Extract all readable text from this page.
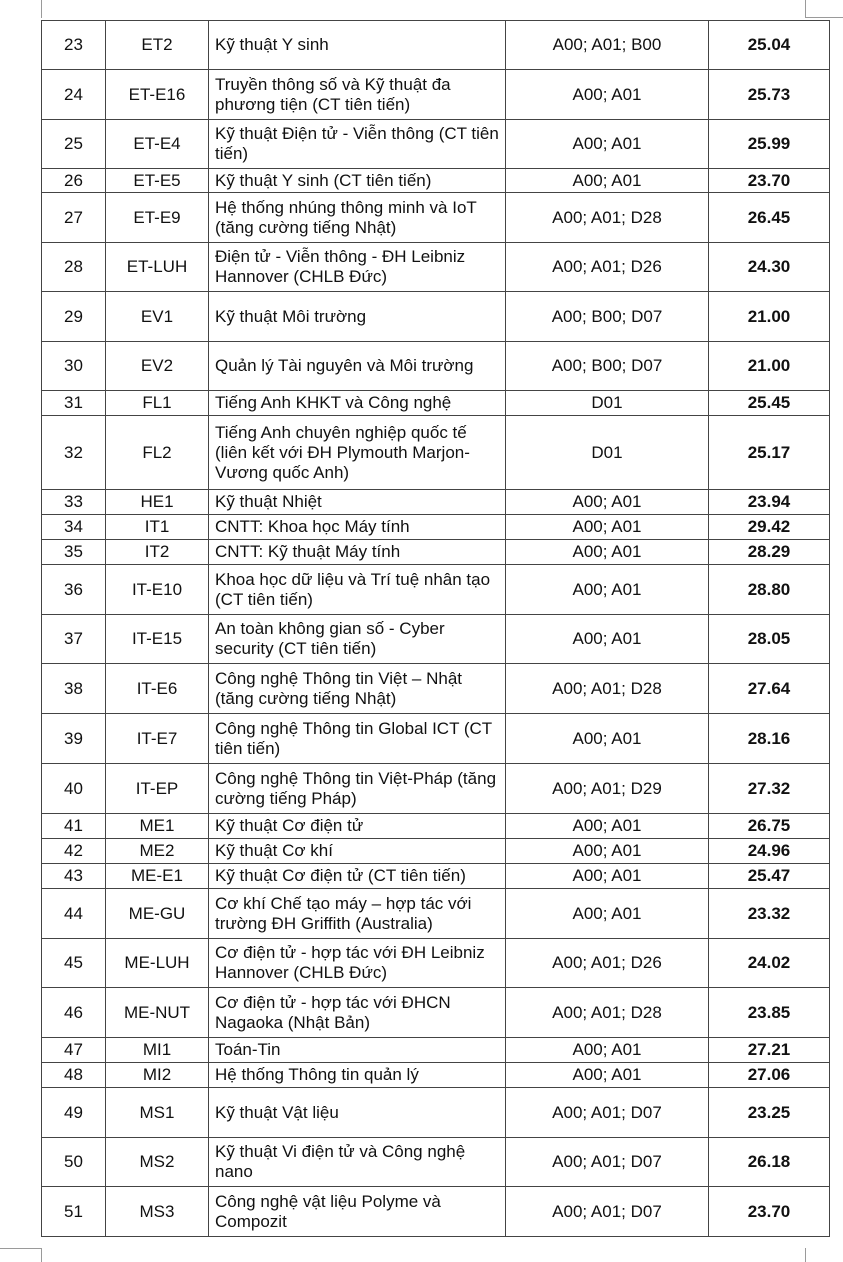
23	ET2	Kỹ thuật Y sinh	A00; A01; B00	25.04
24	ET-E16	Truyền thông số và Kỹ thuật đa phương tiện (CT tiên tiến)	A00; A01	25.73
25	ET-E4	Kỹ thuật Điện tử - Viễn thông (CT tiên tiến)	A00; A01	25.99
26	ET-E5	Kỹ thuật Y sinh (CT tiên tiến)	A00; A01	23.70
27	ET-E9	Hệ thống nhúng thông minh và IoT (tăng cường tiếng Nhật)	A00; A01; D28	26.45
28	ET-LUH	Điện tử - Viễn thông - ĐH Leibniz Hannover (CHLB Đức)	A00; A01; D26	24.30
29	EV1	Kỹ thuật Môi trường	A00; B00; D07	21.00
30	EV2	Quản lý Tài nguyên và Môi trường	A00; B00; D07	21.00
31	FL1	Tiếng Anh KHKT và Công nghệ	D01	25.45
32	FL2	Tiếng Anh chuyên nghiệp quốc tế (liên kết với ĐH Plymouth Marjon-Vương quốc Anh)	D01	25.17
33	HE1	Kỹ thuật Nhiệt	A00; A01	23.94
34	IT1	CNTT: Khoa học Máy tính	A00; A01	29.42
35	IT2	CNTT: Kỹ thuật Máy tính	A00; A01	28.29
36	IT-E10	Khoa học dữ liệu và Trí tuệ nhân tạo (CT tiên tiến)	A00; A01	28.80
37	IT-E15	An toàn không gian số - Cyber security (CT tiên tiến)	A00; A01	28.05
38	IT-E6	Công nghệ Thông tin Việt – Nhật (tăng cường tiếng Nhật)	A00; A01; D28	27.64
39	IT-E7	Công nghệ Thông tin Global ICT (CT tiên tiến)	A00; A01	28.16
40	IT-EP	Công nghệ Thông tin Việt-Pháp (tăng cường tiếng Pháp)	A00; A01; D29	27.32
41	ME1	Kỹ thuật Cơ điện tử	A00; A01	26.75
42	ME2	Kỹ thuật Cơ khí	A00; A01	24.96
43	ME-E1	Kỹ thuật Cơ điện tử (CT tiên tiến)	A00; A01	25.47
44	ME-GU	Cơ khí Chế tạo máy – hợp tác với trường ĐH Griffith (Australia)	A00; A01	23.32
45	ME-LUH	Cơ điện tử - hợp tác với ĐH Leibniz Hannover (CHLB Đức)	A00; A01; D26	24.02
46	ME-NUT	Cơ điện tử - hợp tác với ĐHCN Nagaoka (Nhật Bản)	A00; A01; D28	23.85
47	MI1	Toán-Tin	A00; A01	27.21
48	MI2	Hệ thống Thông tin quản lý	A00; A01	27.06
49	MS1	Kỹ thuật Vật liệu	A00; A01; D07	23.25
50	MS2	Kỹ thuật Vi điện tử và Công nghệ nano	A00; A01; D07	26.18
51	MS3	Công nghệ vật liệu Polyme và Compozit	A00; A01; D07	23.70
